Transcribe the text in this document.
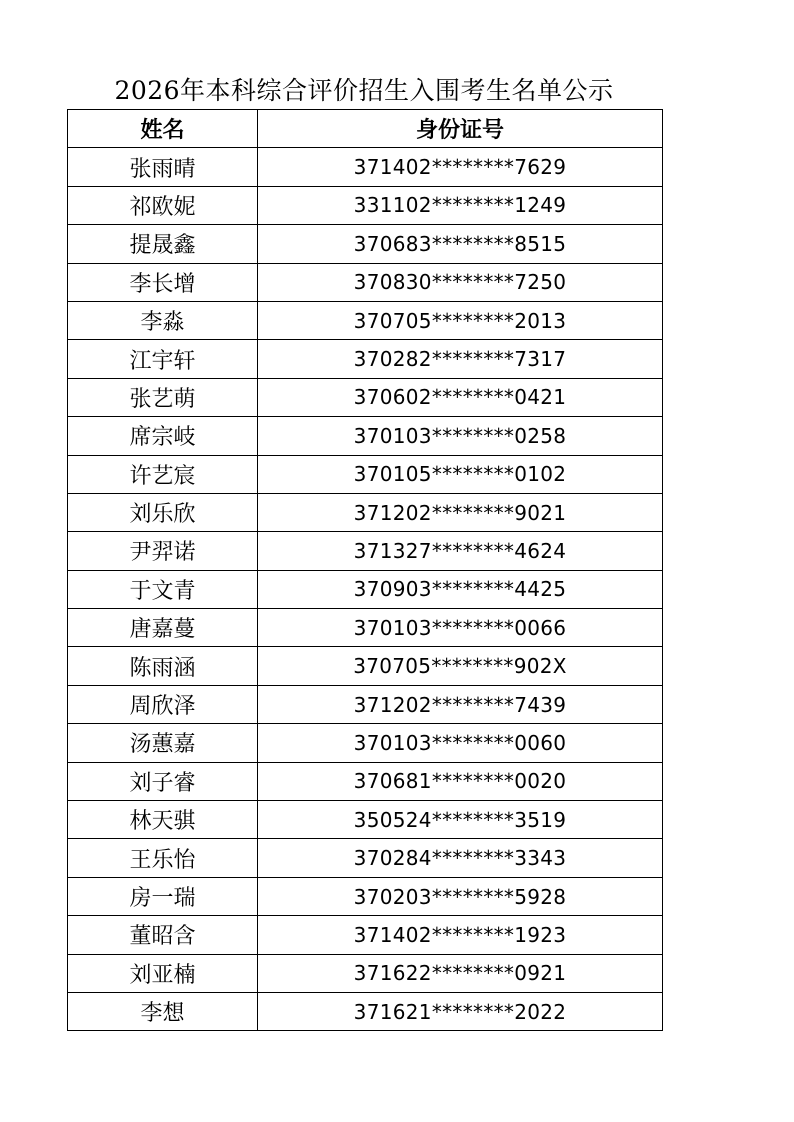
2026年本科综合评价招生入围考生名单公示
姓名	身份证号
张雨晴	371402********7629
祁欧妮	331102********1249
提晟鑫	370683********8515
李长增	370830********7250
李淼	370705********2013
江宇轩	370282********7317
张艺萌	370602********0421
席宗岐	370103********0258
许艺宸	370105********0102
刘乐欣	371202********9021
尹羿诺	371327********4624
于文青	370903********4425
唐嘉蔓	370103********0066
陈雨涵	370705********902X
周欣泽	371202********7439
汤蕙嘉	370103********0060
刘子睿	370681********0020
林天骐	350524********3519
王乐怡	370284********3343
房一瑞	370203********5928
董昭含	371402********1923
刘亚楠	371622********0921
李想	371621********2022
